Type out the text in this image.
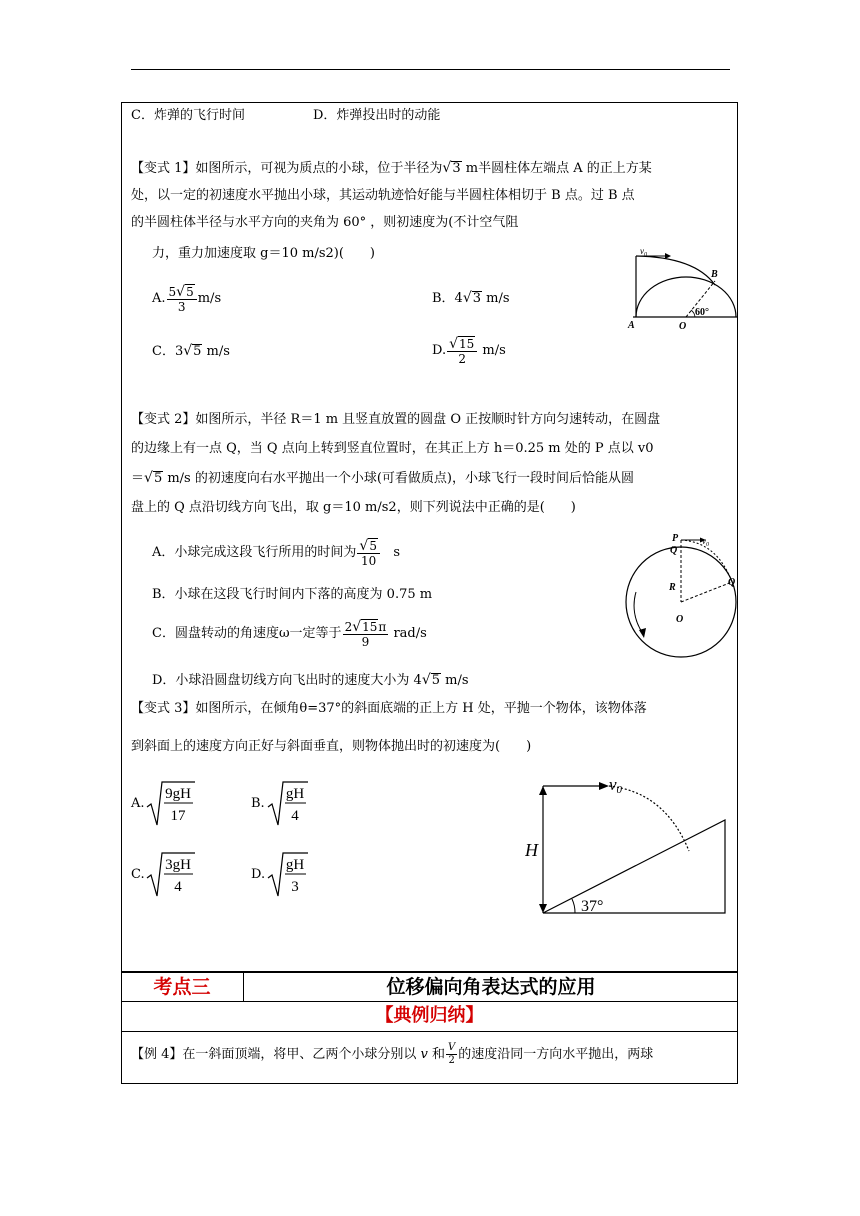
C．炸弹的飞行时间	D．炸弹投出时的动能
【变式 1】如图所示，可视为质点的小球，位于半径为√3 m半圆柱体左端点 A 的正上方某
处，以一定的初速度水平抛出小球，其运动轨迹恰好能与半圆柱体相切于 B 点。过 B 点
的半圆柱体半径与水平方向的夹角为 60° ，则初速度为(不计空气阻
力，重力加速度取 g＝10 m/s2)(　　)
A. $\frac{5√5}{3} m/s$	B．4√3 m/s
C．3√5 m/s	D. $\frac{√15}{2} m/s$
$v_0$
B
A	O
60°
【变式 2】如图所示，半径 R＝1 m 且竖直放置的圆盘 O 正按顺时针方向匀速转动，在圆盘
的边缘上有一点 Q，当 Q 点向上转到竖直位置时，在其正上方 h＝0.25 m 处的 P 点以 v0
＝√5 m/s 的初速度向右水平抛出一个小球(可看做质点)，小球飞行一段时间后恰能从圆
盘上的 Q 点沿切线方向飞出，取 g＝10 m/s2，则下列说法中正确的是(　　)
A．小球完成这段飞行所用的时间为 $\frac{√5}{10}$ s
B．小球在这段飞行时间内下落的高度为 0.75 m
C．圆盘转动的角速度ω一定等于 $\frac{2√15\pi}{9} rad/s$
D．小球沿圆盘切线方向飞出时的速度大小为 4√5 m/s
P	$v_0$
Q
Q
R
O
【变式 3】如图所示，在倾角θ=37°的斜面底端的正上方 H 处，平抛一个物体，该物体落
到斜面上的速度方向正好与斜面垂直，则物体抛出时的初速度为(　　)
A.
9gH
17
B.
gH
4
C.
3gH
4
D.
gH
3
v0
H
37°
考点三	位移偏向角表达式的应用
【典例归纳】
【例 4】在一斜面顶端，将甲、乙两个小球分别以 v 和 $\frac{V}{2}$ 的速度沿同一方向水平抛出，两球
